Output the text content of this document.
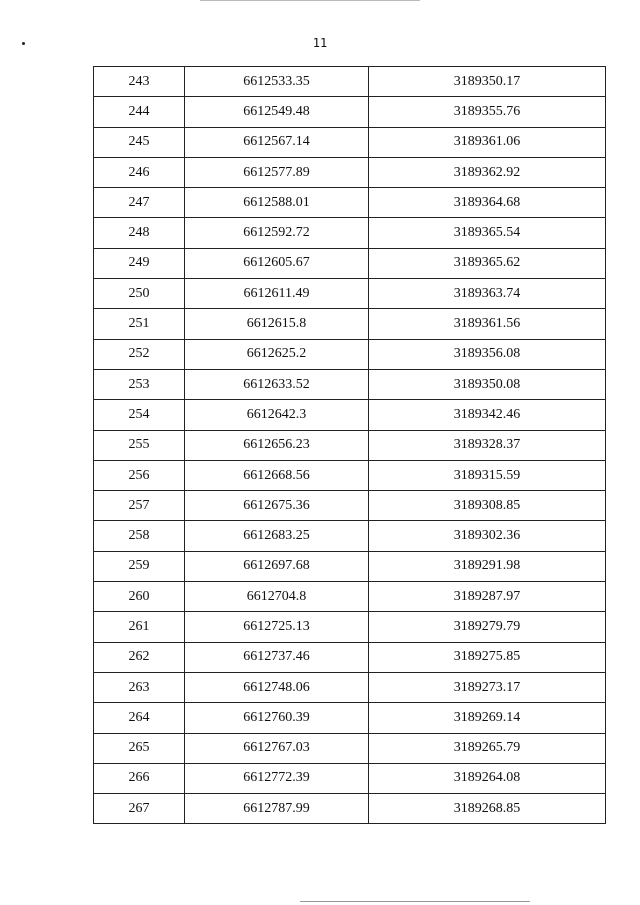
11
243	6612533.35	3189350.17
244	6612549.48	3189355.76
245	6612567.14	3189361.06
246	6612577.89	3189362.92
247	6612588.01	3189364.68
248	6612592.72	3189365.54
249	6612605.67	3189365.62
250	6612611.49	3189363.74
251	6612615.8	3189361.56
252	6612625.2	3189356.08
253	6612633.52	3189350.08
254	6612642.3	3189342.46
255	6612656.23	3189328.37
256	6612668.56	3189315.59
257	6612675.36	3189308.85
258	6612683.25	3189302.36
259	6612697.68	3189291.98
260	6612704.8	3189287.97
261	6612725.13	3189279.79
262	6612737.46	3189275.85
263	6612748.06	3189273.17
264	6612760.39	3189269.14
265	6612767.03	3189265.79
266	6612772.39	3189264.08
267	6612787.99	3189268.85
